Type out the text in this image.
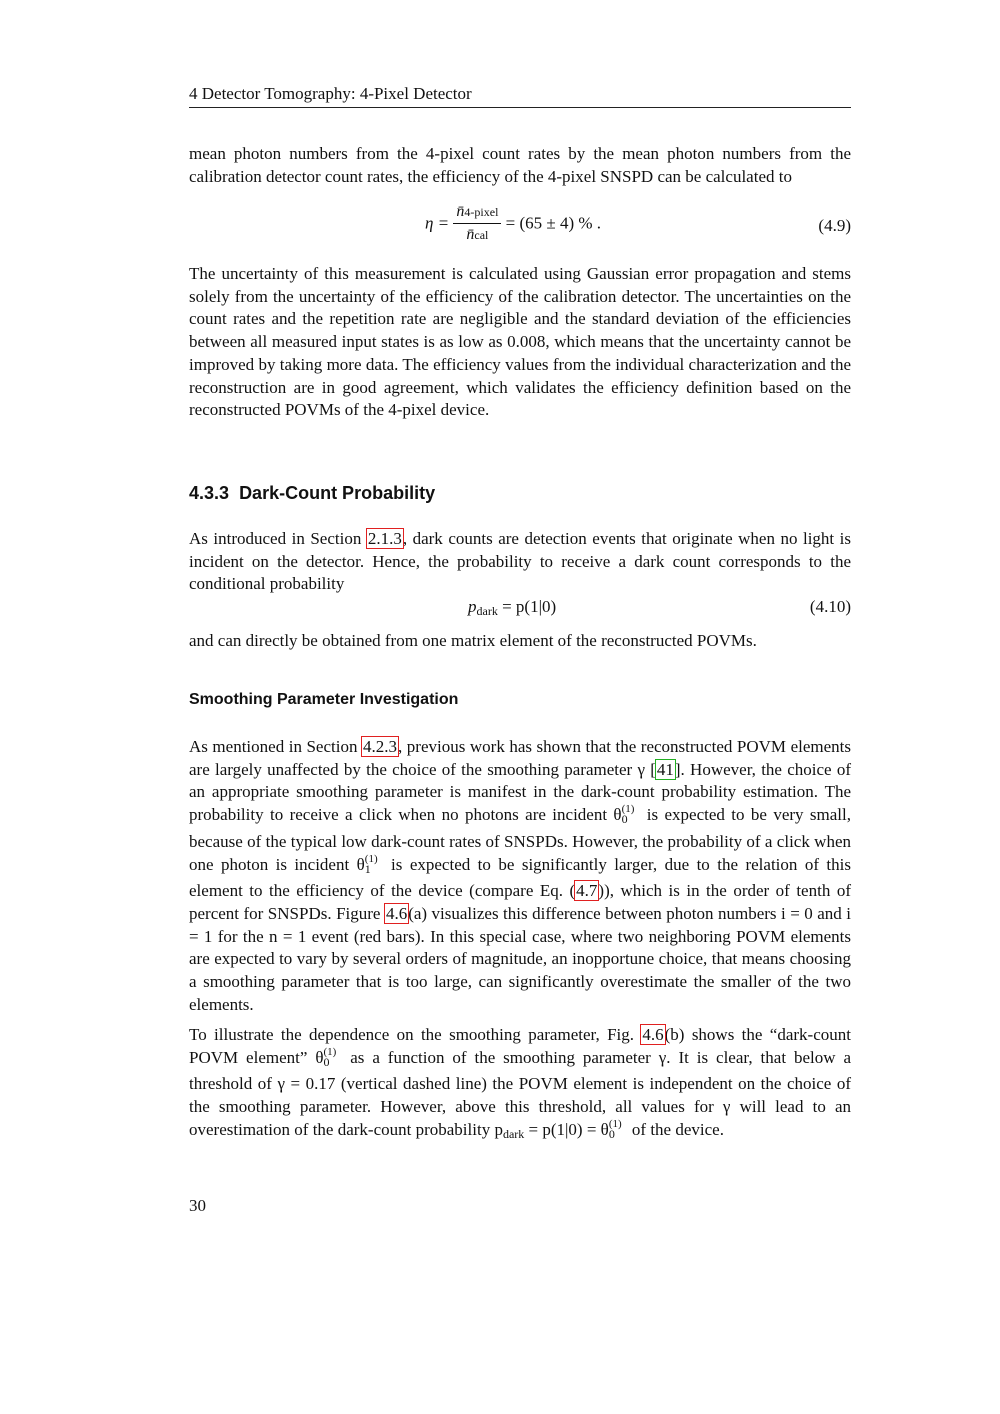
4 Detector Tomography: 4-Pixel Detector

mean photon numbers from the 4-pixel count rates by the mean photon numbers from the calibration detector count rates, the efficiency of the 4-pixel SNSPD can be calculated to

$\eta = \frac{\text{n̄4-pixel}}{\text{n̄cal}} = (65 \pm 4)$ % .	(4.9)

The uncertainty of this measurement is calculated using Gaussian error propagation and stems solely from the uncertainty of the efficiency of the calibration detector. The uncertainties on the count rates and the repetition rate are negligible and the standard deviation of the efficiencies between all measured input states is as low as 0.008, which means that the uncertainty cannot be improved by taking more data. The efficiency values from the individual characterization and the reconstruction are in good agreement, which validates the efficiency definition based on the reconstructed POVMs of the 4-pixel device.

4.3.3 Dark-Count Probability

As introduced in Section 2.1.3, dark counts are detection events that originate when no light is incident on the detector. Hence, the probability to receive a dark count corresponds to the conditional probability

pdark = p(1|0)	(4.10)

and can directly be obtained from one matrix element of the reconstructed POVMs.

Smoothing Parameter Investigation

As mentioned in Section 4.2.3, previous work has shown that the reconstructed POVM elements are largely unaffected by the choice of the smoothing parameter γ [41]. However, the choice of an appropriate smoothing parameter is manifest in the dark-count probability estimation. The probability to receive a click when no photons are incident θ0$^{(1)}$ is expected to be very small, because of the typical low dark-count rates of SNSPDs. However, the probability of a click when one photon is incident θ1$^{(1)}$ is expected to be significantly larger, due to the relation of this element to the efficiency of the device (compare Eq. (4.7)), which is in the order of tenth of percent for SNSPDs. Figure 4.6(a) visualizes this difference between photon numbers i = 0 and i = 1 for the n = 1 event (red bars). In this special case, where two neighboring POVM elements are expected to vary by several orders of magnitude, an inopportune choice, that means choosing a smoothing parameter that is too large, can significantly overestimate the smaller of the two elements.

To illustrate the dependence on the smoothing parameter, Fig. 4.6(b) shows the “dark-count POVM element” θ0$^{(1)}$ as a function of the smoothing parameter γ. It is clear, that below a threshold of γ = 0.17 (vertical dashed line) the POVM element is independent on the choice of the smoothing parameter. However, above this threshold, all values for γ will lead to an overestimation of the dark-count probability pdark = $p(1|0) = \theta 0^{(1)}$ of the device.

30
